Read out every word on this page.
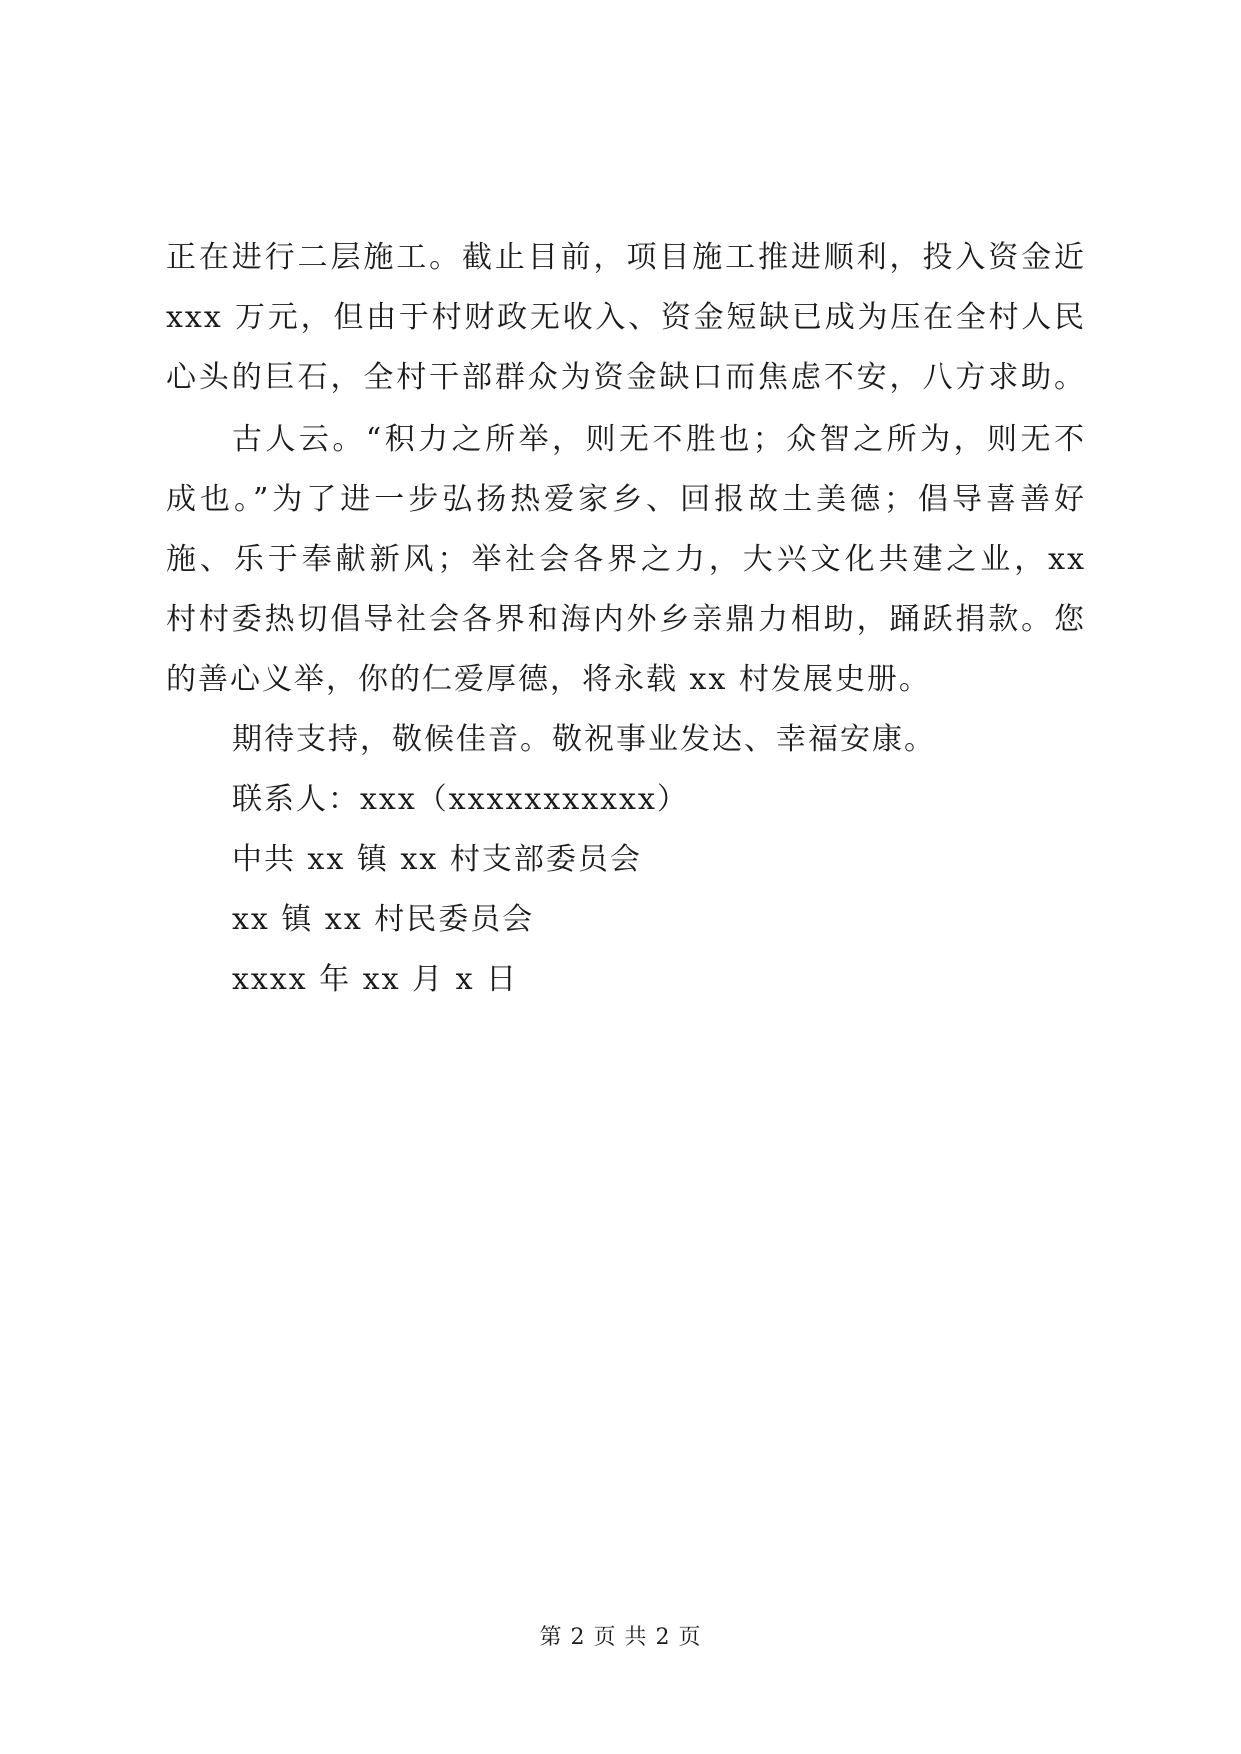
正在进行二层施工。截止目前，项目施工推进顺利，投入资金近
xxx 万元，但由于村财政无收入、资金短缺已成为压在全村人民
心头的巨石，全村干部群众为资金缺口而焦虑不安，八方求助。
古人云。“积力之所举，则无不胜也；众智之所为，则无不
成也。”为了进一步弘扬热爱家乡、回报故土美德；倡导喜善好
施、乐于奉献新风；举社会各界之力，大兴文化共建之业，xx
村村委热切倡导社会各界和海内外乡亲鼎力相助，踊跃捐款。您
的善心义举，你的仁爱厚德，将永载 xx 村发展史册。
期待支持，敬候佳音。敬祝事业发达、幸福安康。
联系人：xxx（xxxxxxxxxxx）
中共 xx 镇 xx 村支部委员会
xx 镇 xx 村民委员会
xxxx 年 xx 月 x 日
第 2 页 共 2 页
